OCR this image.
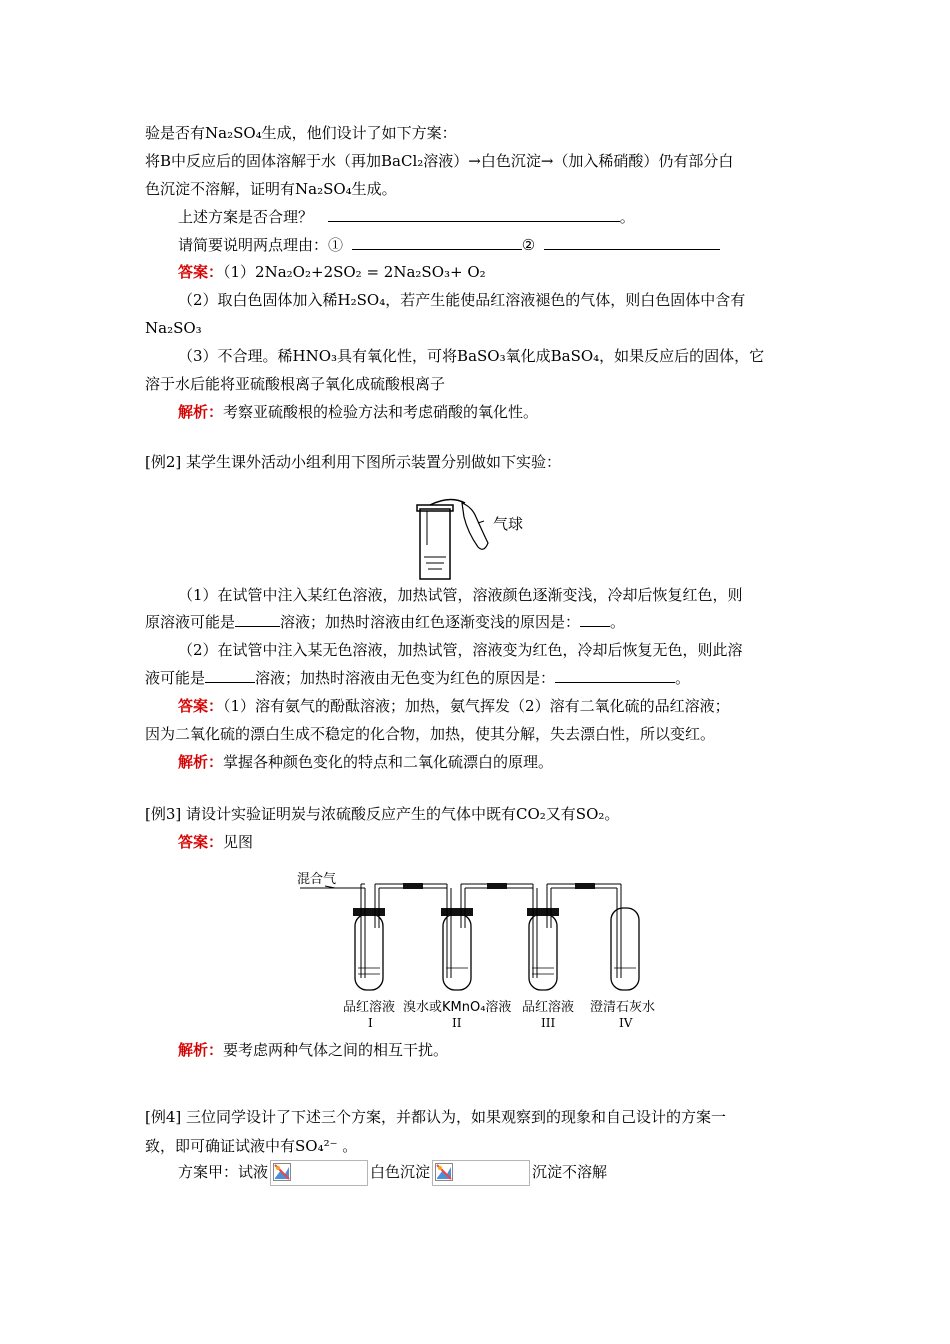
验是否有Na₂SO₄生成，他们设计了如下方案：
将B中反应后的固体溶解于水（再加BaCl₂溶液）→白色沉淀→（加入稀硝酸）仍有部分白
色沉淀不溶解，证明有Na₂SO₄生成。
上述方案是否合理？	。
请简要说明两点理由：①	②
答案：（1）2Na₂O₂+2SO₂ = 2Na₂SO₃+ O₂
（2）取白色固体加入稀H₂SO₄，若产生能使品红溶液褪色的气体，则白色固体中含有
Na₂SO₃
（3）不合理。稀HNO₃具有氧化性，可将BaSO₃氧化成BaSO₄，如果反应后的固体，它
溶于水后能将亚硫酸根离子氧化成硫酸根离子
解析：考察亚硫酸根的检验方法和考虑硝酸的氧化性。
[例2] 某学生课外活动小组利用下图所示装置分别做如下实验：
气球
（1）在试管中注入某红色溶液，加热试管，溶液颜色逐渐变浅，冷却后恢复红色，则
原溶液可能是	溶液；加热时溶液由红色逐渐变浅的原因是： 。
（2）在试管中注入某无色溶液，加热试管，溶液变为红色，冷却后恢复无色，则此溶
液可能是	溶液；加热时溶液由无色变为红色的原因是：	。
答案：（1）溶有氨气的酚酞溶液；加热，氨气挥发（2）溶有二氧化硫的品红溶液；
因为二氧化硫的漂白生成不稳定的化合物，加热，使其分解，失去漂白性，所以变红。
解析：掌握各种颜色变化的特点和二氧化硫漂白的原理。
[例3] 请设计实验证明炭与浓硫酸反应产生的气体中既有CO₂又有SO₂。
答案：见图
混合气
品红溶液 溴水或KMnO₄溶液 品红溶液 澄清石灰水
I	II	III	IV
解析：要考虑两种气体之间的相互干扰。
[例4] 三位同学设计了下述三个方案，并都认为，如果观察到的现象和自己设计的方案一
致，即可确证试液中有SO₄²⁻ 。
方案甲：试液	白色沉淀	沉淀不溶解
